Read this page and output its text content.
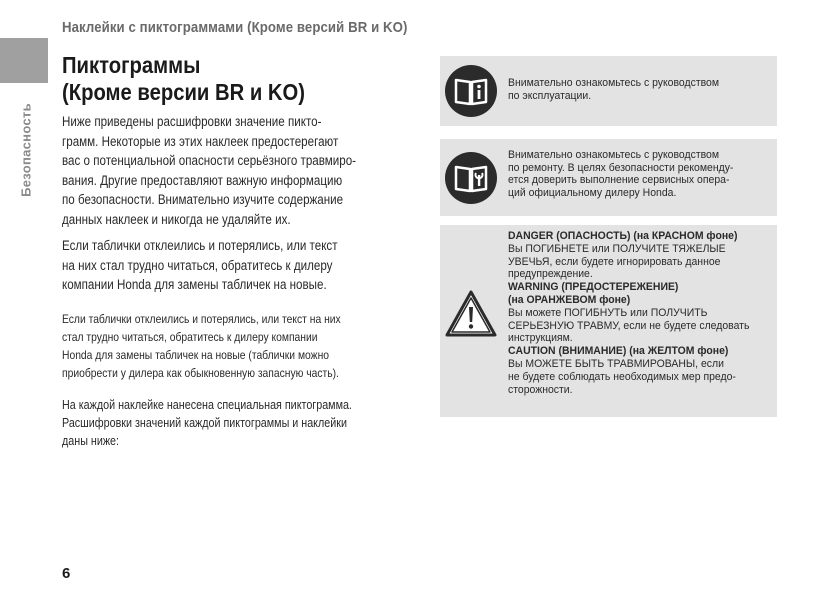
Наклейки с пиктограммами (Кроме версий BR и KO)
Безопасность
Пиктограммы
(Кроме версии BR и KO)

Ниже приведены расшифровки значение пикто-
грамм. Некоторые из этих наклеек предостерегают
вас о потенциальной опасности серьёзного травмиро-
вания. Другие предоставляют важную информацию
по безопасности. Внимательно изучите содержание
данных наклеек и никогда не удаляйте их.

Если таблички отклеились и потерялись, или текст
на них стал трудно читаться, обратитесь к дилеру
компании Honda для замены табличек на новые.

Если таблички отклеились и потерялись, или текст на них
стал трудно читаться, обратитесь к дилеру компании
Honda для замены табличек на новые (таблички можно
приобрести у дилера как обыкновенную запасную часть).

На каждой наклейке нанесена специальная пиктограмма.
Расшифровки значений каждой пиктограммы и наклейки
даны ниже:

6

Внимательно ознакомьтесь с руководством
по эксплуатации.

Внимательно ознакомьтесь с руководством
по ремонту. В целях безопасности рекоменду-
ется доверить выполнение сервисных опера-
ций официальному дилеру Honda.

DANGER (ОПАСНОСТЬ) (на КРАСНОМ фоне)
Вы ПОГИБНЕТЕ или ПОЛУЧИТЕ ТЯЖЕЛЫЕ
УВЕЧЬЯ, если будете игнорировать данное
предупреждение.
WARNING (ПРЕДОСТЕРЕЖЕНИЕ)
(на ОРАНЖЕВОМ фоне)
Вы можете ПОГИБНУТЬ или ПОЛУЧИТЬ
СЕРЬЕЗНУЮ ТРАВМУ, если не будете следовать
инструкциям.
CAUTION (ВНИМАНИЕ) (на ЖЕЛТОМ фоне)
Вы МОЖЕТЕ БЫТЬ ТРАВМИРОВАНЫ, если
не будете соблюдать необходимых мер предо-
сторожности.
